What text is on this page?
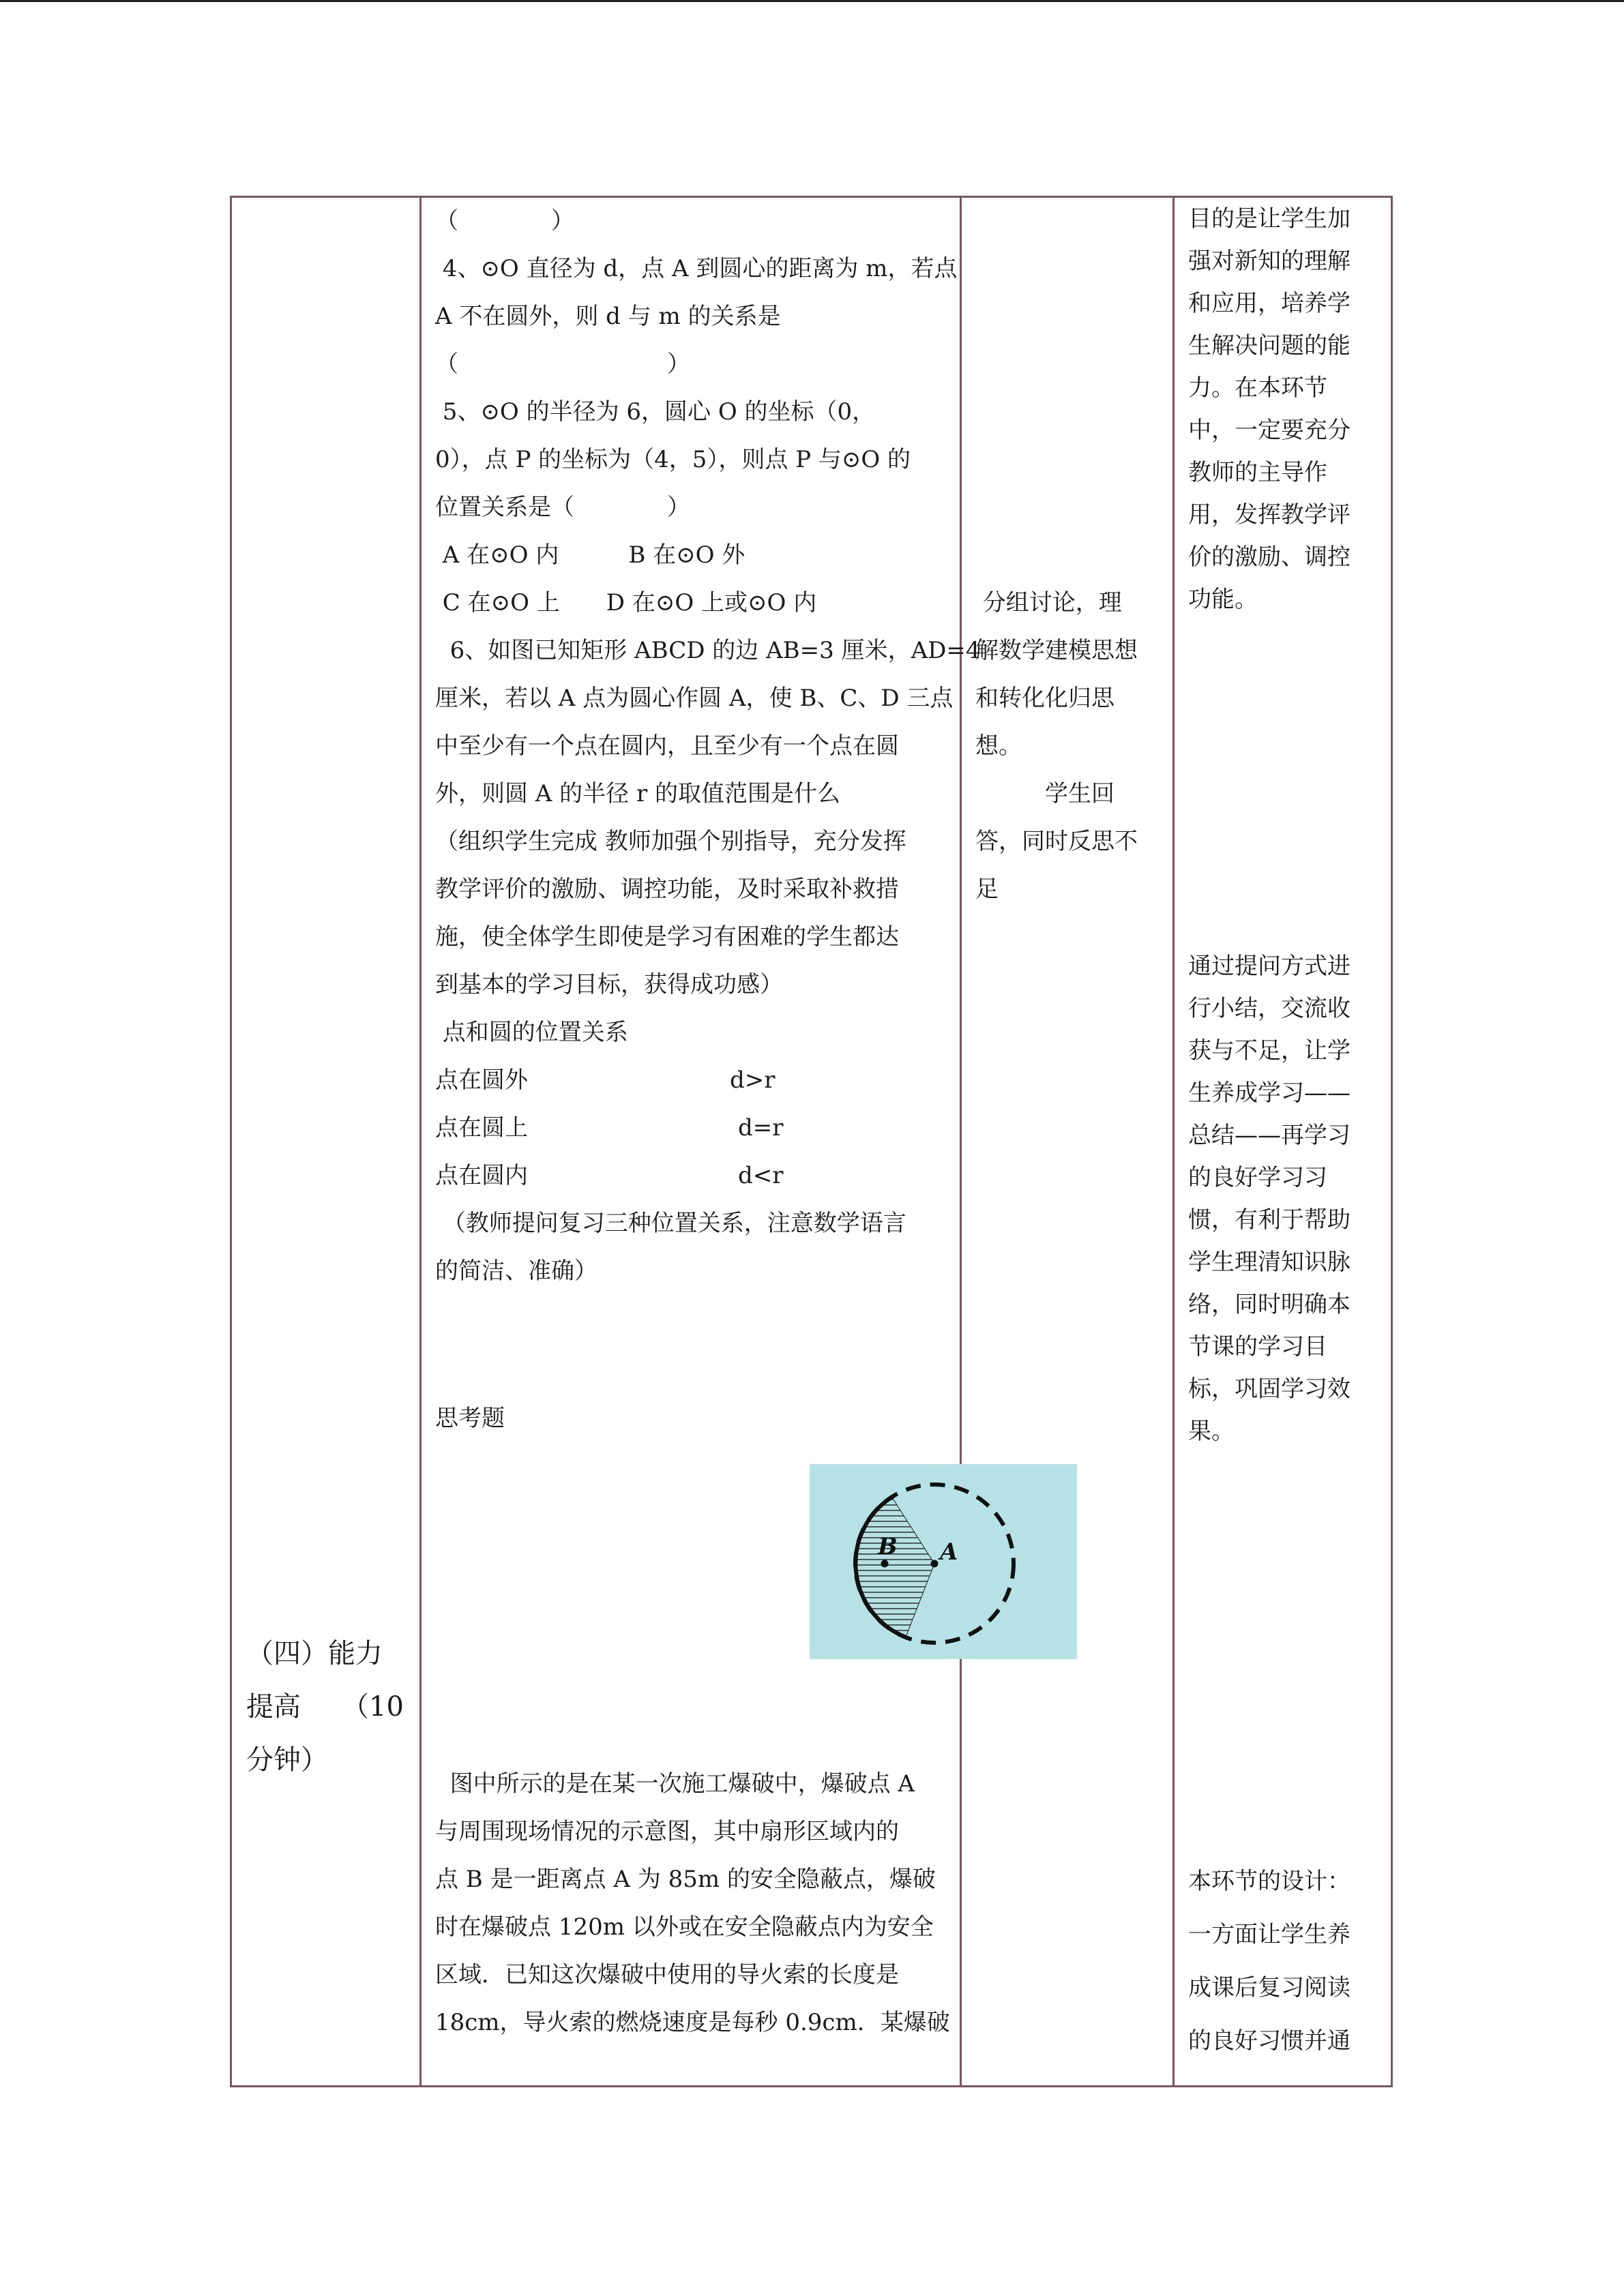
（四）能力
提高　　（10
分钟）
（　　　　）
4、⊙O 直径为 d，点 A 到圆心的距离为 m，若点
A 不在圆外，则 d 与 m 的关系是
（　　　　　　　　　）
5、⊙O 的半径为 6，圆心 O 的坐标（0，
0），点 P 的坐标为（4，5），则点 P 与⊙O 的
位置关系是（　　　　）
A 在⊙O 内　　　B 在⊙O 外
C 在⊙O 上　　D 在⊙O 上或⊙O 内
6、如图已知矩形 ABCD 的边 AB=3 厘米，AD=4
厘米，若以 A 点为圆心作圆 A，使 B、C、D 三点
中至少有一个点在圆内，且至少有一个点在圆
外，则圆 A 的半径 r 的取值范围是什么
（组织学生完成 教师加强个别指导，充分发挥
教学评价的激励、调控功能，及时采取补救措
施，使全体学生即使是学习有困难的学生都达
到基本的学习目标，获得成功感）
点和圆的位置关系
点在圆外	d>r
点在圆上	d=r
点在圆内	d<r
（教师提问复习三种位置关系，注意数学语言
的简洁、准确）
思考题
B A
图中所示的是在某一次施工爆破中，爆破点 A
与周围现场情况的示意图，其中扇形区域内的
点 B 是一距离点 A 为 85m 的安全隐蔽点，爆破
时在爆破点 120m 以外或在安全隐蔽点内为安全
区域．已知这次爆破中使用的导火索的长度是
18cm，导火索的燃烧速度是每秒 0.9cm．某爆破
分组讨论，理
解数学建模思想
和转化化归思
想。
　　　学生回
答，同时反思不
足
目的是让学生加
强对新知的理解
和应用，培养学
生解决问题的能
力。在本环节
中，一定要充分
教师的主导作
用，发挥教学评
价的激励、调控
功能。
通过提问方式进
行小结，交流收
获与不足，让学
生养成学习——
总结——再学习
的良好学习习
惯，有利于帮助
学生理清知识脉
络，同时明确本
节课的学习目
标，巩固学习效
果。
本环节的设计：
一方面让学生养
成课后复习阅读
的良好习惯并通
